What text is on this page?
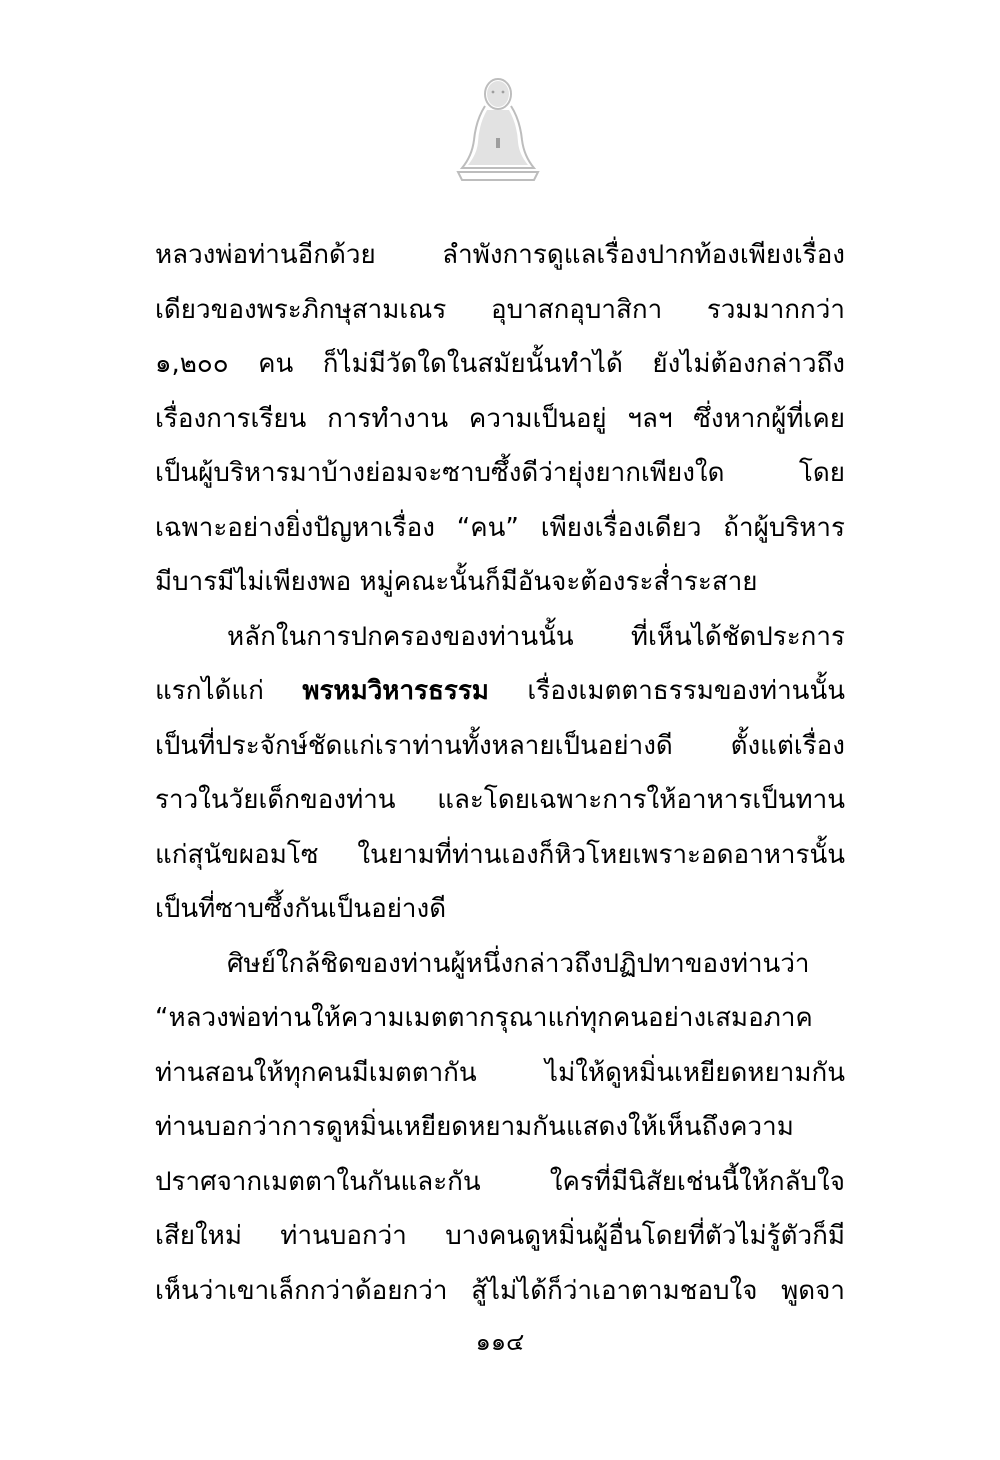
หลวงพ่อท่านอีกด้วย ลำพังการดูแลเรื่องปากท้องเพียงเรื่อง
เดียวของพระภิกษุสามเณร อุบาสกอุบาสิกา รวมมากกว่า
๑,๒๐๐ คน ก็ไม่มีวัดใดในสมัยนั้นทำได้ ยังไม่ต้องกล่าวถึง
เรื่องการเรียน การทำงาน ความเป็นอยู่ ฯลฯ ซึ่งหากผู้ที่เคย
เป็นผู้บริหารมาบ้างย่อมจะซาบซึ้งดีว่ายุ่งยากเพียงใด โดย
เฉพาะอย่างยิ่งปัญหาเรื่อง “คน” เพียงเรื่องเดียว ถ้าผู้บริหาร
มีบารมีไม่เพียงพอ หมู่คณะนั้นก็มีอันจะต้องระส่ำระสาย
หลักในการปกครองของท่านนั้น ที่เห็นได้ชัดประการ
แรกได้แก่ พรหมวิหารธรรม เรื่องเมตตาธรรมของท่านนั้น
เป็นที่ประจักษ์ชัดแก่เราท่านทั้งหลายเป็นอย่างดี ตั้งแต่เรื่อง
ราวในวัยเด็กของท่าน และโดยเฉพาะการให้อาหารเป็นทาน
แก่สุนัขผอมโซ ในยามที่ท่านเองก็หิวโหยเพราะอดอาหารนั้น
เป็นที่ซาบซึ้งกันเป็นอย่างดี
ศิษย์ใกล้ชิดของท่านผู้หนึ่งกล่าวถึงปฏิปทาของท่านว่า
“หลวงพ่อท่านให้ความเมตตากรุณาแก่ทุกคนอย่างเสมอภาค
ท่านสอนให้ทุกคนมีเมตตากัน ไม่ให้ดูหมิ่นเหยียดหยามกัน
ท่านบอกว่าการดูหมิ่นเหยียดหยามกันแสดงให้เห็นถึงความ
ปราศจากเมตตาในกันและกัน ใครที่มีนิสัยเช่นนี้ให้กลับใจ
เสียใหม่ ท่านบอกว่า บางคนดูหมิ่นผู้อื่นโดยที่ตัวไม่รู้ตัวก็มี
เห็นว่าเขาเล็กกว่าด้อยกว่า สู้ไม่ได้ก็ว่าเอาตามชอบใจ พูดจา
๑๑๔
